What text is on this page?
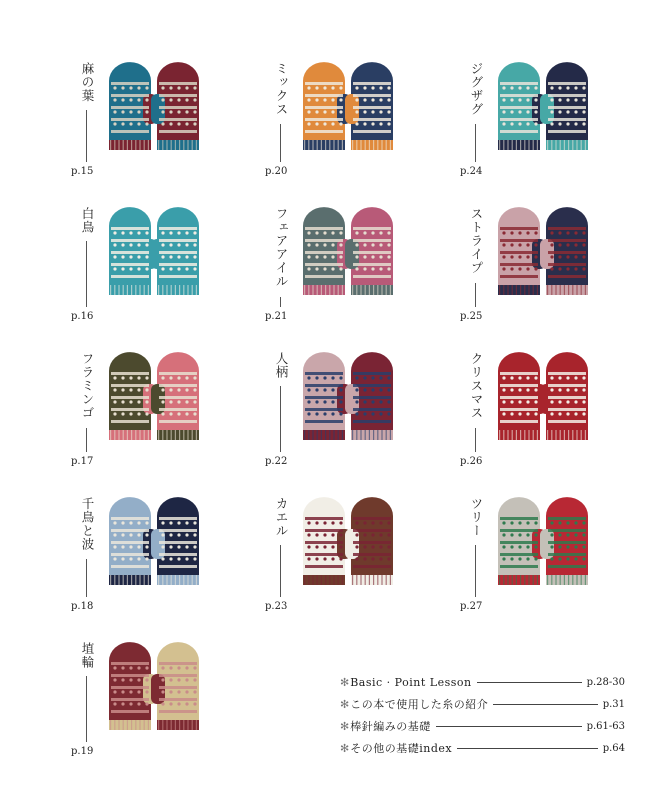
麻の葉
p.15
ミックス
p.20
ジグザグ
p.24
白鳥
p.16
フェアアイル
p.21
ストライプ
p.25
フラミンゴ
p.17
人柄
p.22
クリスマス
p.26
千鳥と波
p.18
カエル
p.23
ツリー
p.27
埴輪
p.19
✻ Basic · Point Lesson	p.28-30
✻ この本で使用した糸の紹介	p.31
✻ 棒針編みの基礎	p.61-63
✻ その他の基礎index	p.64
